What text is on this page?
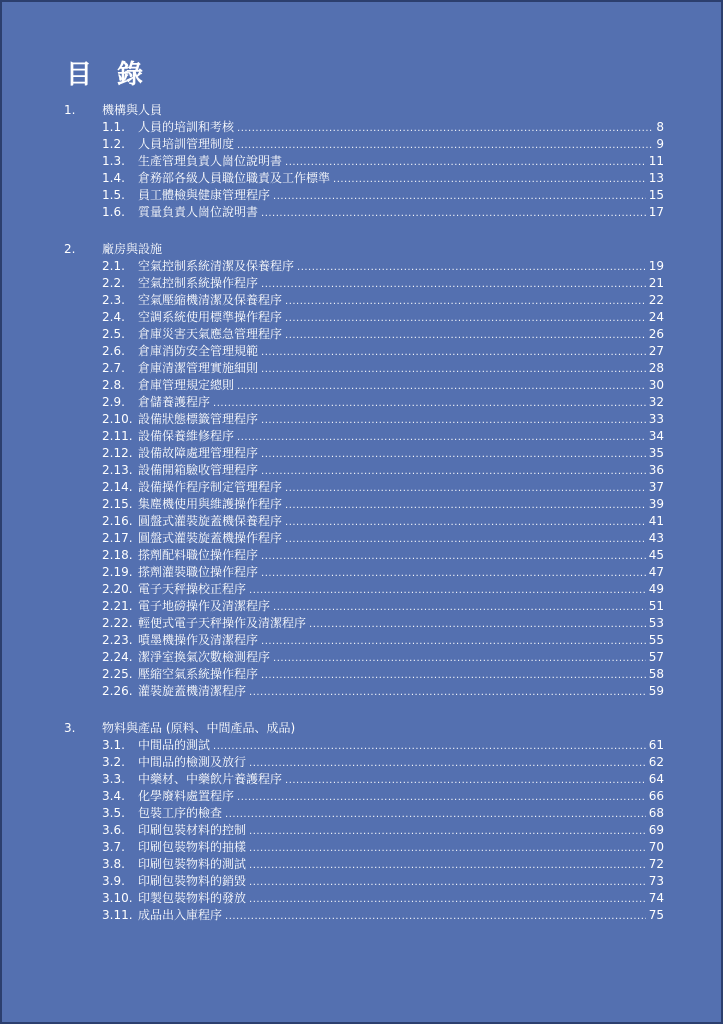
目 錄
1. 機構與人員
1.1.	人員的培訓和考核 .....	8
1.2.	人員培訓管理制度 .....	9
1.3.	生產管理負責人崗位說明書 .....	11
1.4.	倉務部各級人員職位職責及工作標準 .....	13
1.5.	員工體檢與健康管理程序 .....	15
1.6.	質量負責人崗位說明書 .....	17
2. 廠房與設施
2.1.	空氣控制系統清潔及保養程序 .....	19
2.2.	空氣控制系統操作程序 .....	21
2.3.	空氣壓縮機清潔及保養程序 .....	22
2.4.	空調系統使用標準操作程序 .....	24
2.5.	倉庫災害天氣應急管理程序 .....	26
2.6.	倉庫消防安全管理規範 .....	27
2.7.	倉庫清潔管理實施細則 .....	28
2.8.	倉庫管理規定總則 .....	30
2.9.	倉儲養護程序 .....	32
2.10. 設備狀態標籤管理程序 .....	33
2.11. 設備保養維修程序 .....	34
2.12. 設備故障處理管理程序 .....	35
2.13. 設備開箱驗收管理程序 .....	36
2.14. 設備操作程序制定管理程序 .....	37
2.15. 集塵機使用與維護操作程序 .....	39
2.16. 圓盤式灌裝旋蓋機保養程序 .....	41
2.17. 圓盤式灌裝旋蓋機操作程序 .....	43
2.18. 搽劑配料職位操作程序 .....	45
2.19. 搽劑灌裝職位操作程序 .....	47
2.20. 電子天秤操校正程序 .....	49
2.21. 電子地磅操作及清潔程序 .....	51
2.22. 輕便式電子天秤操作及清潔程序 .....	53
2.23. 噴墨機操作及清潔程序 .....	55
2.24. 潔淨室換氣次數檢測程序 .....	57
2.25. 壓縮空氣系統操作程序 .....	58
2.26. 灌裝旋蓋機清潔程序 .....	59
3. 物料與產品 (原料、中間產品、成品)
3.1.	中間品的測試 .....	61
3.2.	中間品的檢測及放行 .....	62
3.3.	中藥材、中藥飲片養護程序 .....	64
3.4.	化學廢料處置程序 .....	66
3.5.	包裝工序的檢查 .....	68
3.6.	印刷包裝材料的控制 .....	69
3.7.	印刷包裝物料的抽樣 .....	70
3.8.	印刷包裝物料的測試 .....	72
3.9.	印刷包裝物料的銷毀 .....	73
3.10. 印製包裝物料的發放 .....	74
3.11. 成品出入庫程序 .....	75
